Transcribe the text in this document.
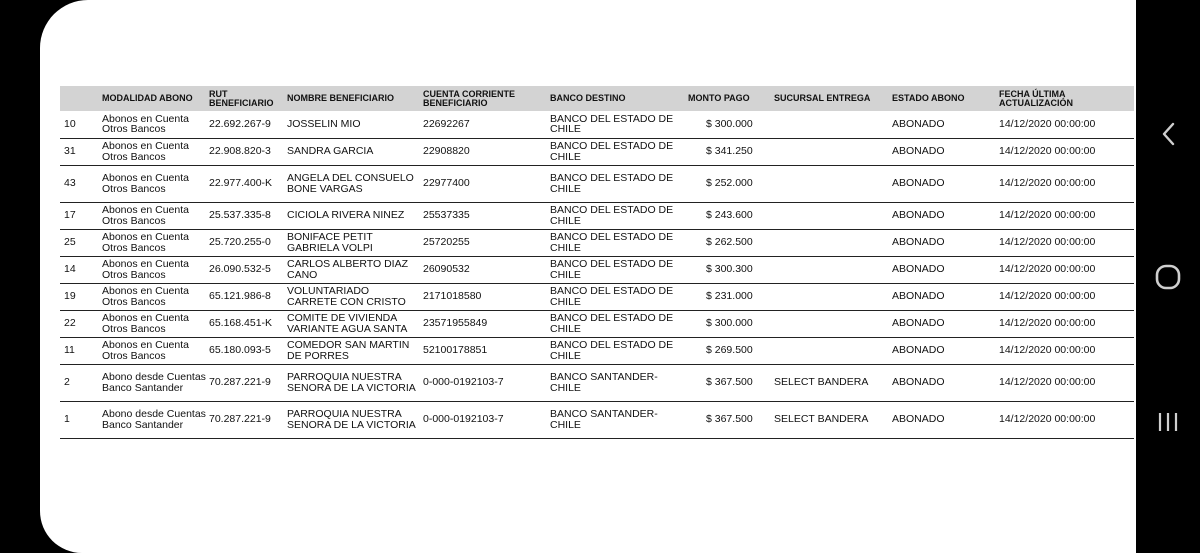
	MODALIDAD ABONO	RUT BENEFICIARIO	NOMBRE BENEFICIARIO	CUENTA CORRIENTE BENEFICIARIO	BANCO DESTINO	MONTO PAGO	SUCURSAL ENTREGA	ESTADO ABONO	FECHA ÚLTIMA ACTUALIZACIÓN
10	Abonos en Cuenta Otros Bancos	22.692.267-9	JOSSELIN MIO	22692267	BANCO DEL ESTADO DE CHILE	$ 300.000		ABONADO	14/12/2020 00:00:00
31	Abonos en Cuenta Otros Bancos	22.908.820-3	SANDRA GARCIA	22908820	BANCO DEL ESTADO DE CHILE	$ 341.250		ABONADO	14/12/2020 00:00:00
43	Abonos en Cuenta Otros Bancos	22.977.400-K	ANGELA DEL CONSUELO BONE VARGAS	22977400	BANCO DEL ESTADO DE CHILE	$ 252.000		ABONADO	14/12/2020 00:00:00
17	Abonos en Cuenta Otros Bancos	25.537.335-8	CICIOLA RIVERA NINEZ	25537335	BANCO DEL ESTADO DE CHILE	$ 243.600		ABONADO	14/12/2020 00:00:00
25	Abonos en Cuenta Otros Bancos	25.720.255-0	BONIFACE PETIT GABRIELA VOLPI	25720255	BANCO DEL ESTADO DE CHILE	$ 262.500		ABONADO	14/12/2020 00:00:00
14	Abonos en Cuenta Otros Bancos	26.090.532-5	CARLOS ALBERTO DIAZ CANO	26090532	BANCO DEL ESTADO DE CHILE	$ 300.300		ABONADO	14/12/2020 00:00:00
19	Abonos en Cuenta Otros Bancos	65.121.986-8	VOLUNTARIADO CARRETE CON CRISTO	2171018580	BANCO DEL ESTADO DE CHILE	$ 231.000		ABONADO	14/12/2020 00:00:00
22	Abonos en Cuenta Otros Bancos	65.168.451-K	COMITE DE VIVIENDA VARIANTE AGUA SANTA	23571955849	BANCO DEL ESTADO DE CHILE	$ 300.000		ABONADO	14/12/2020 00:00:00
11	Abonos en Cuenta Otros Bancos	65.180.093-5	COMEDOR SAN MARTIN DE PORRES	52100178851	BANCO DEL ESTADO DE CHILE	$ 269.500		ABONADO	14/12/2020 00:00:00
2	Abono desde Cuentas Banco Santander	70.287.221-9	PARROQUIA NUESTRA SENORA DE LA VICTORIA	0-000-0192103-7	BANCO SANTANDER-CHILE	$ 367.500	SELECT BANDERA	ABONADO	14/12/2020 00:00:00
1	Abono desde Cuentas Banco Santander	70.287.221-9	PARROQUIA NUESTRA SENORA DE LA VICTORIA	0-000-0192103-7	BANCO SANTANDER-CHILE	$ 367.500	SELECT BANDERA	ABONADO	14/12/2020 00:00:00
